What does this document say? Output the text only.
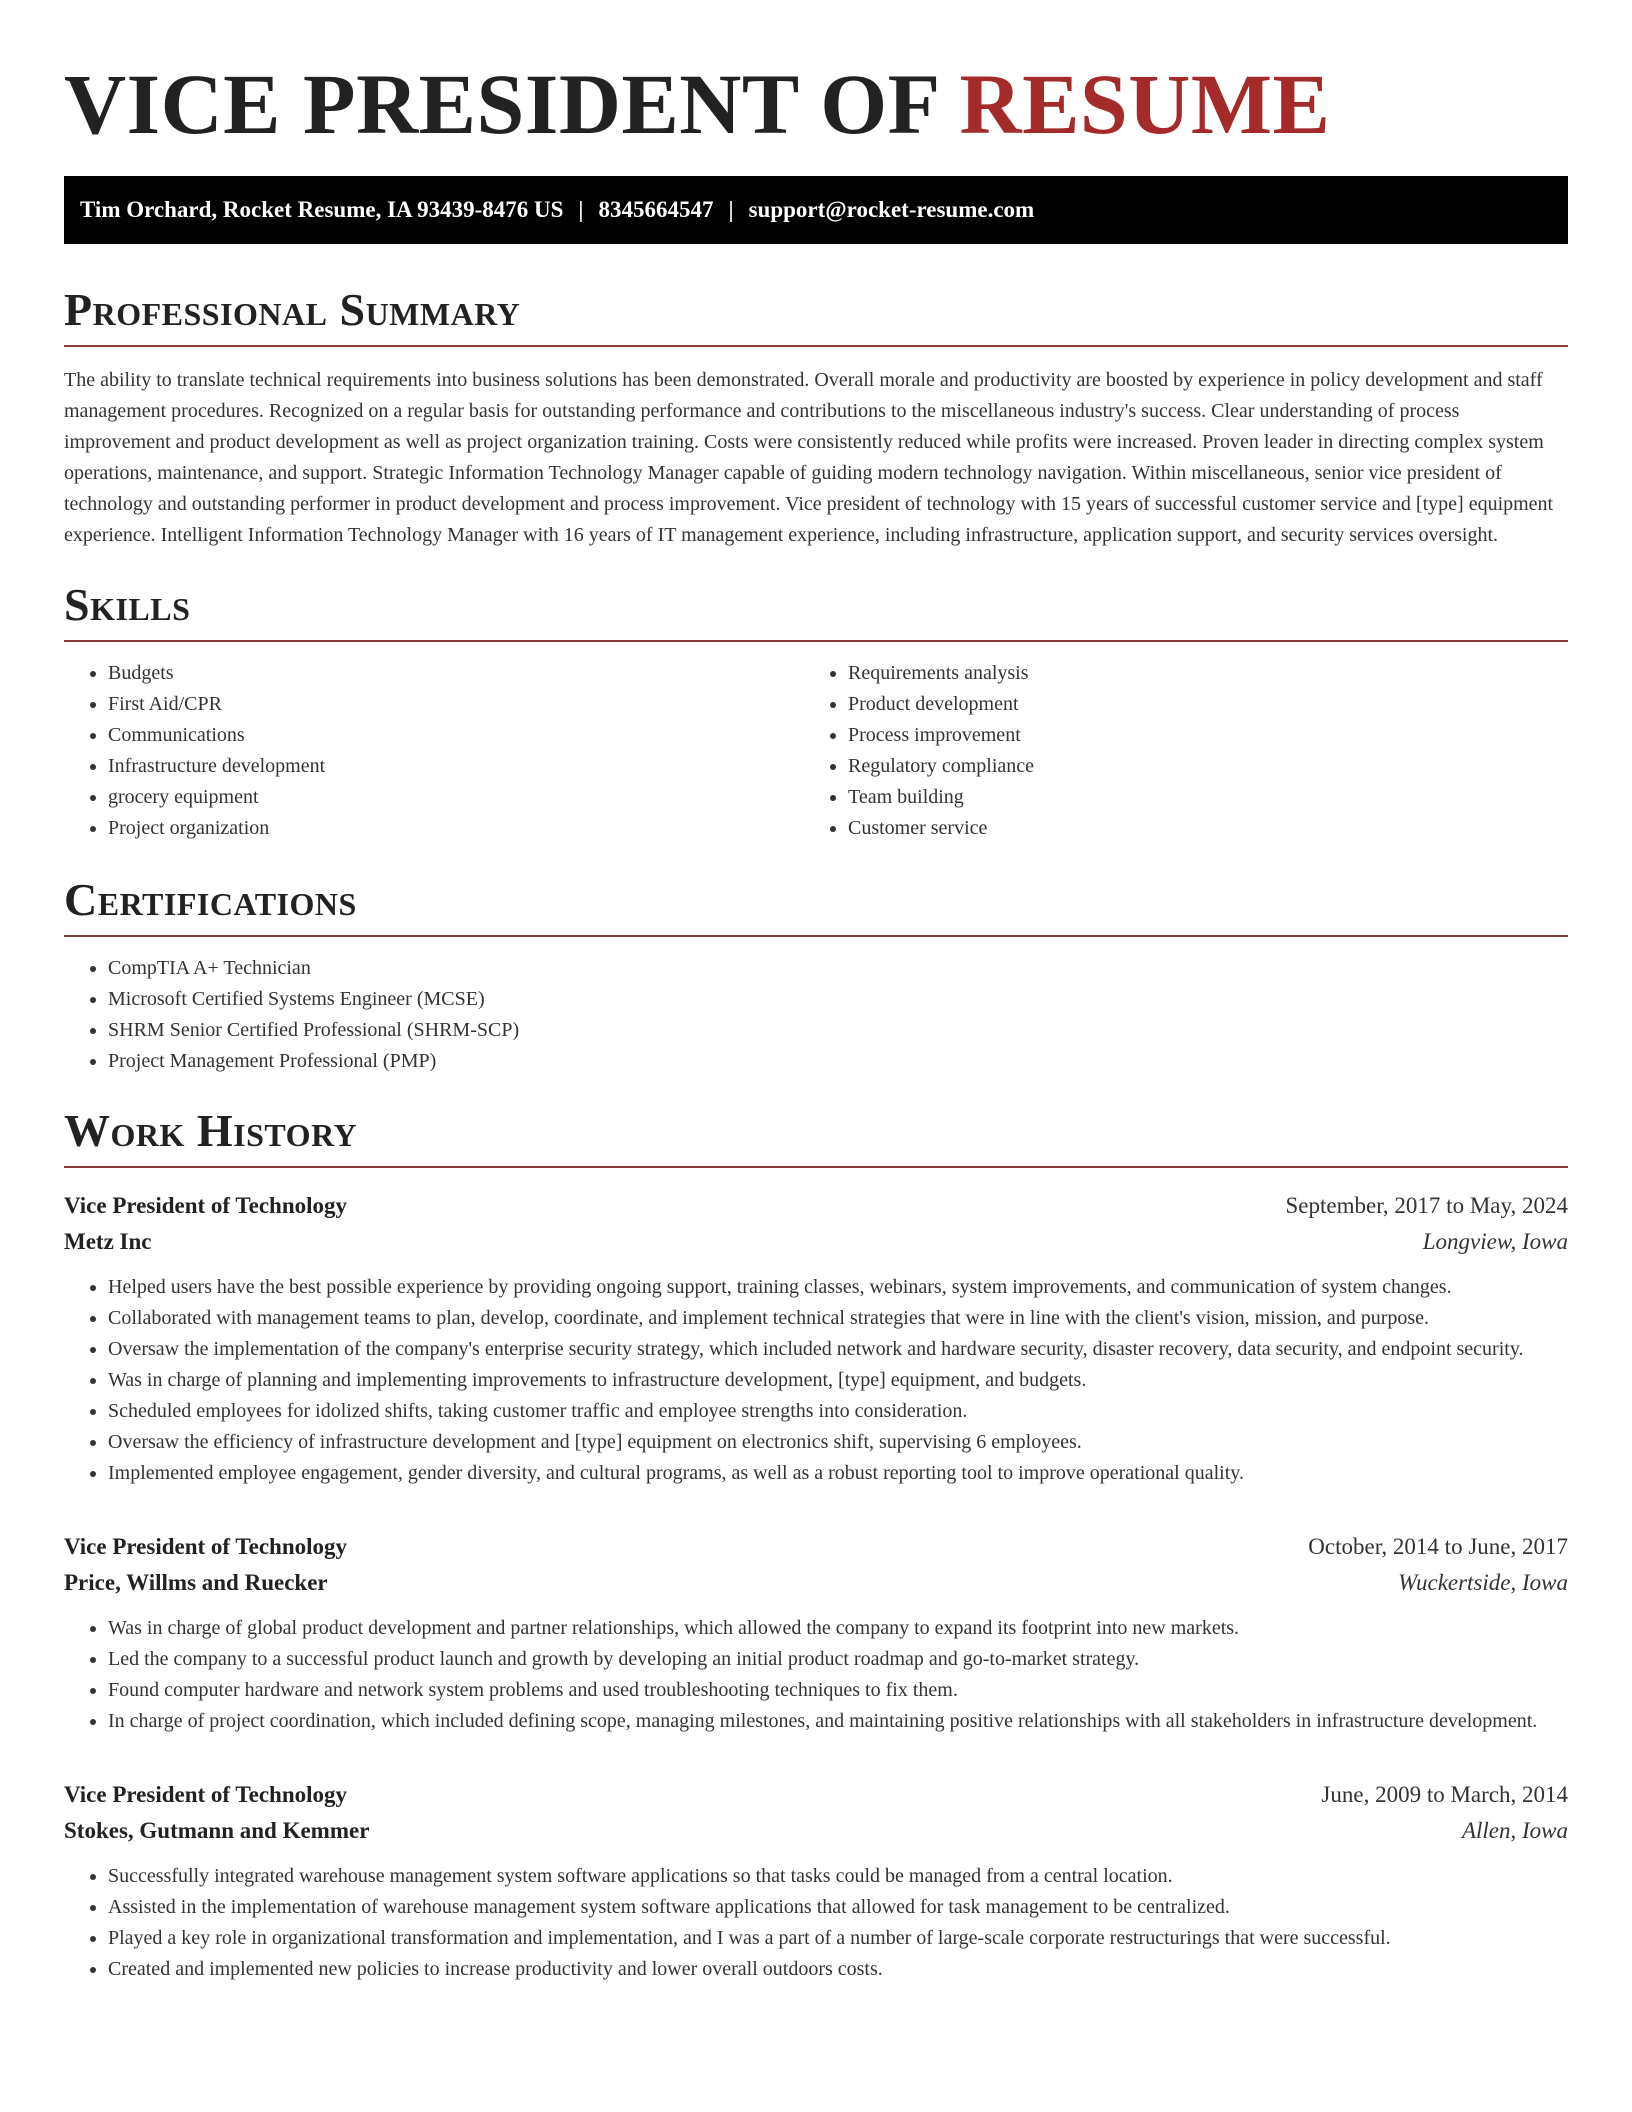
VICE PRESIDENT OF RESUME
Tim Orchard, Rocket Resume, IA 93439-8476 US | 8345664547 | support@rocket-resume.com
Professional Summary

The ability to translate technical requirements into business solutions has been demonstrated. Overall morale and productivity are boosted by experience in policy development and staff management procedures. Recognized on a regular basis for outstanding performance and contributions to the miscellaneous industry's success. Clear understanding of process improvement and product development as well as project organization training. Costs were consistently reduced while profits were increased. Proven leader in directing complex system operations, maintenance, and support. Strategic Information Technology Manager capable of guiding modern technology navigation. Within miscellaneous, senior vice president of technology and outstanding performer in product development and process improvement. Vice president of technology with 15 years of successful customer service and [type] equipment experience. Intelligent Information Technology Manager with 16 years of IT management experience, including infrastructure, application support, and security services oversight.

Skills
• Budgets
• First Aid/CPR
• Communications
• Infrastructure development
• grocery equipment
• Project organization
• Requirements analysis
• Product development
• Process improvement
• Regulatory compliance
• Team building
• Customer service
Certifications
• CompTIA A+ Technician
• Microsoft Certified Systems Engineer (MCSE)
• SHRM Senior Certified Professional (SHRM-SCP)
• Project Management Professional (PMP)
Work History
Vice President of Technology	September, 2017 to May, 2024
Metz Inc	Longview, Iowa
• Helped users have the best possible experience by providing ongoing support, training classes, webinars, system improvements, and communication of system changes.
• Collaborated with management teams to plan, develop, coordinate, and implement technical strategies that were in line with the client's vision, mission, and purpose.
• Oversaw the implementation of the company's enterprise security strategy, which included network and hardware security, disaster recovery, data security, and endpoint security.
• Was in charge of planning and implementing improvements to infrastructure development, [type] equipment, and budgets.
• Scheduled employees for idolized shifts, taking customer traffic and employee strengths into consideration.
• Oversaw the efficiency of infrastructure development and [type] equipment on electronics shift, supervising 6 employees.
• Implemented employee engagement, gender diversity, and cultural programs, as well as a robust reporting tool to improve operational quality.
Vice President of Technology	October, 2014 to June, 2017
Price, Willms and Ruecker	Wuckertside, Iowa
• Was in charge of global product development and partner relationships, which allowed the company to expand its footprint into new markets.
• Led the company to a successful product launch and growth by developing an initial product roadmap and go-to-market strategy.
• Found computer hardware and network system problems and used troubleshooting techniques to fix them.
• In charge of project coordination, which included defining scope, managing milestones, and maintaining positive relationships with all stakeholders in infrastructure development.
Vice President of Technology	June, 2009 to March, 2014
Stokes, Gutmann and Kemmer	Allen, Iowa
• Successfully integrated warehouse management system software applications so that tasks could be managed from a central location.
• Assisted in the implementation of warehouse management system software applications that allowed for task management to be centralized.
• Played a key role in organizational transformation and implementation, and I was a part of a number of large-scale corporate restructurings that were successful.
• Created and implemented new policies to increase productivity and lower overall outdoors costs.
